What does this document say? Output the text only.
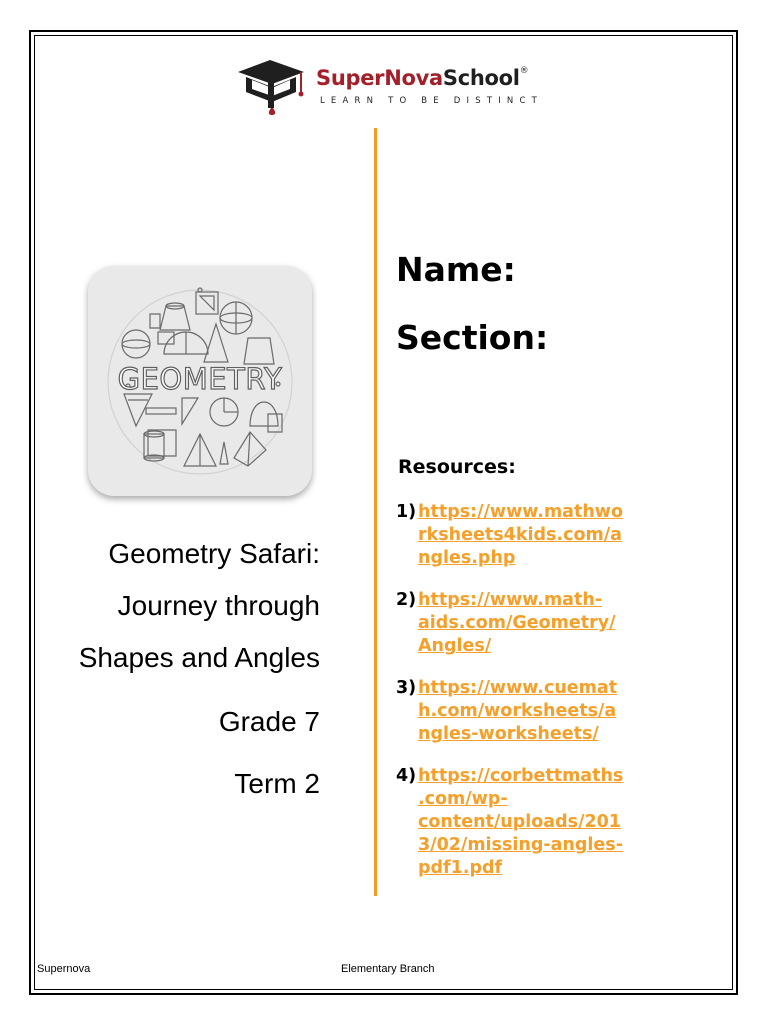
SuperNovaSchool®
LEARN TO BE DISTINCT
GEOMETRY
Geometry Safari:
Journey through
Shapes and Angles
Grade 7
Term 2
Name:
Section:
Resources:
1) https://www.mathwo
rksheets4kids.com/a
ngles.php
2) https://www.math-
aids.com/Geometry/
Angles/
3) https://www.cuemat
h.com/worksheets/a
ngles-worksheets/
4) https://corbettmaths
.com/wp-
content/uploads/201
3/02/missing-angles-
pdf1.pdf
Supernova	Elementary Branch
